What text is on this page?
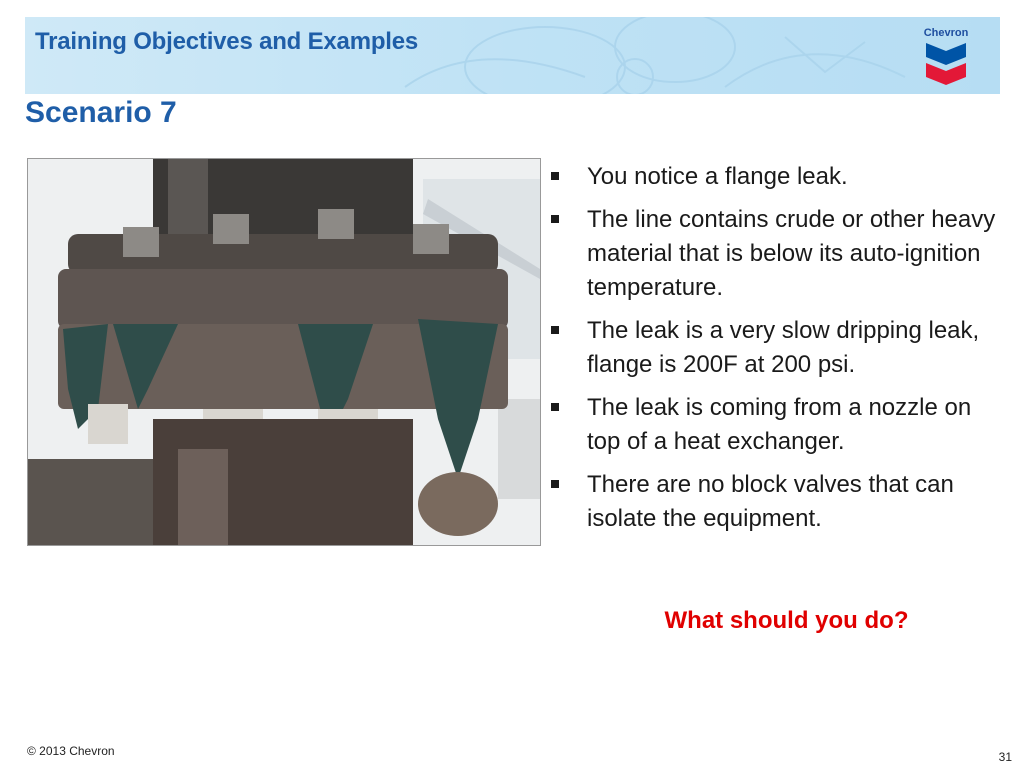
Training Objectives and Examples	Chevron
Scenario 7
You notice a flange leak.
The line contains crude or other heavy material that is below its auto-ignition temperature.
The leak is a very slow dripping leak, flange is 200F at 200 psi.
The leak is coming from a nozzle on top of a heat exchanger.
There are no block valves that can isolate the equipment.
What should you do?
© 2013 Chevron	31
